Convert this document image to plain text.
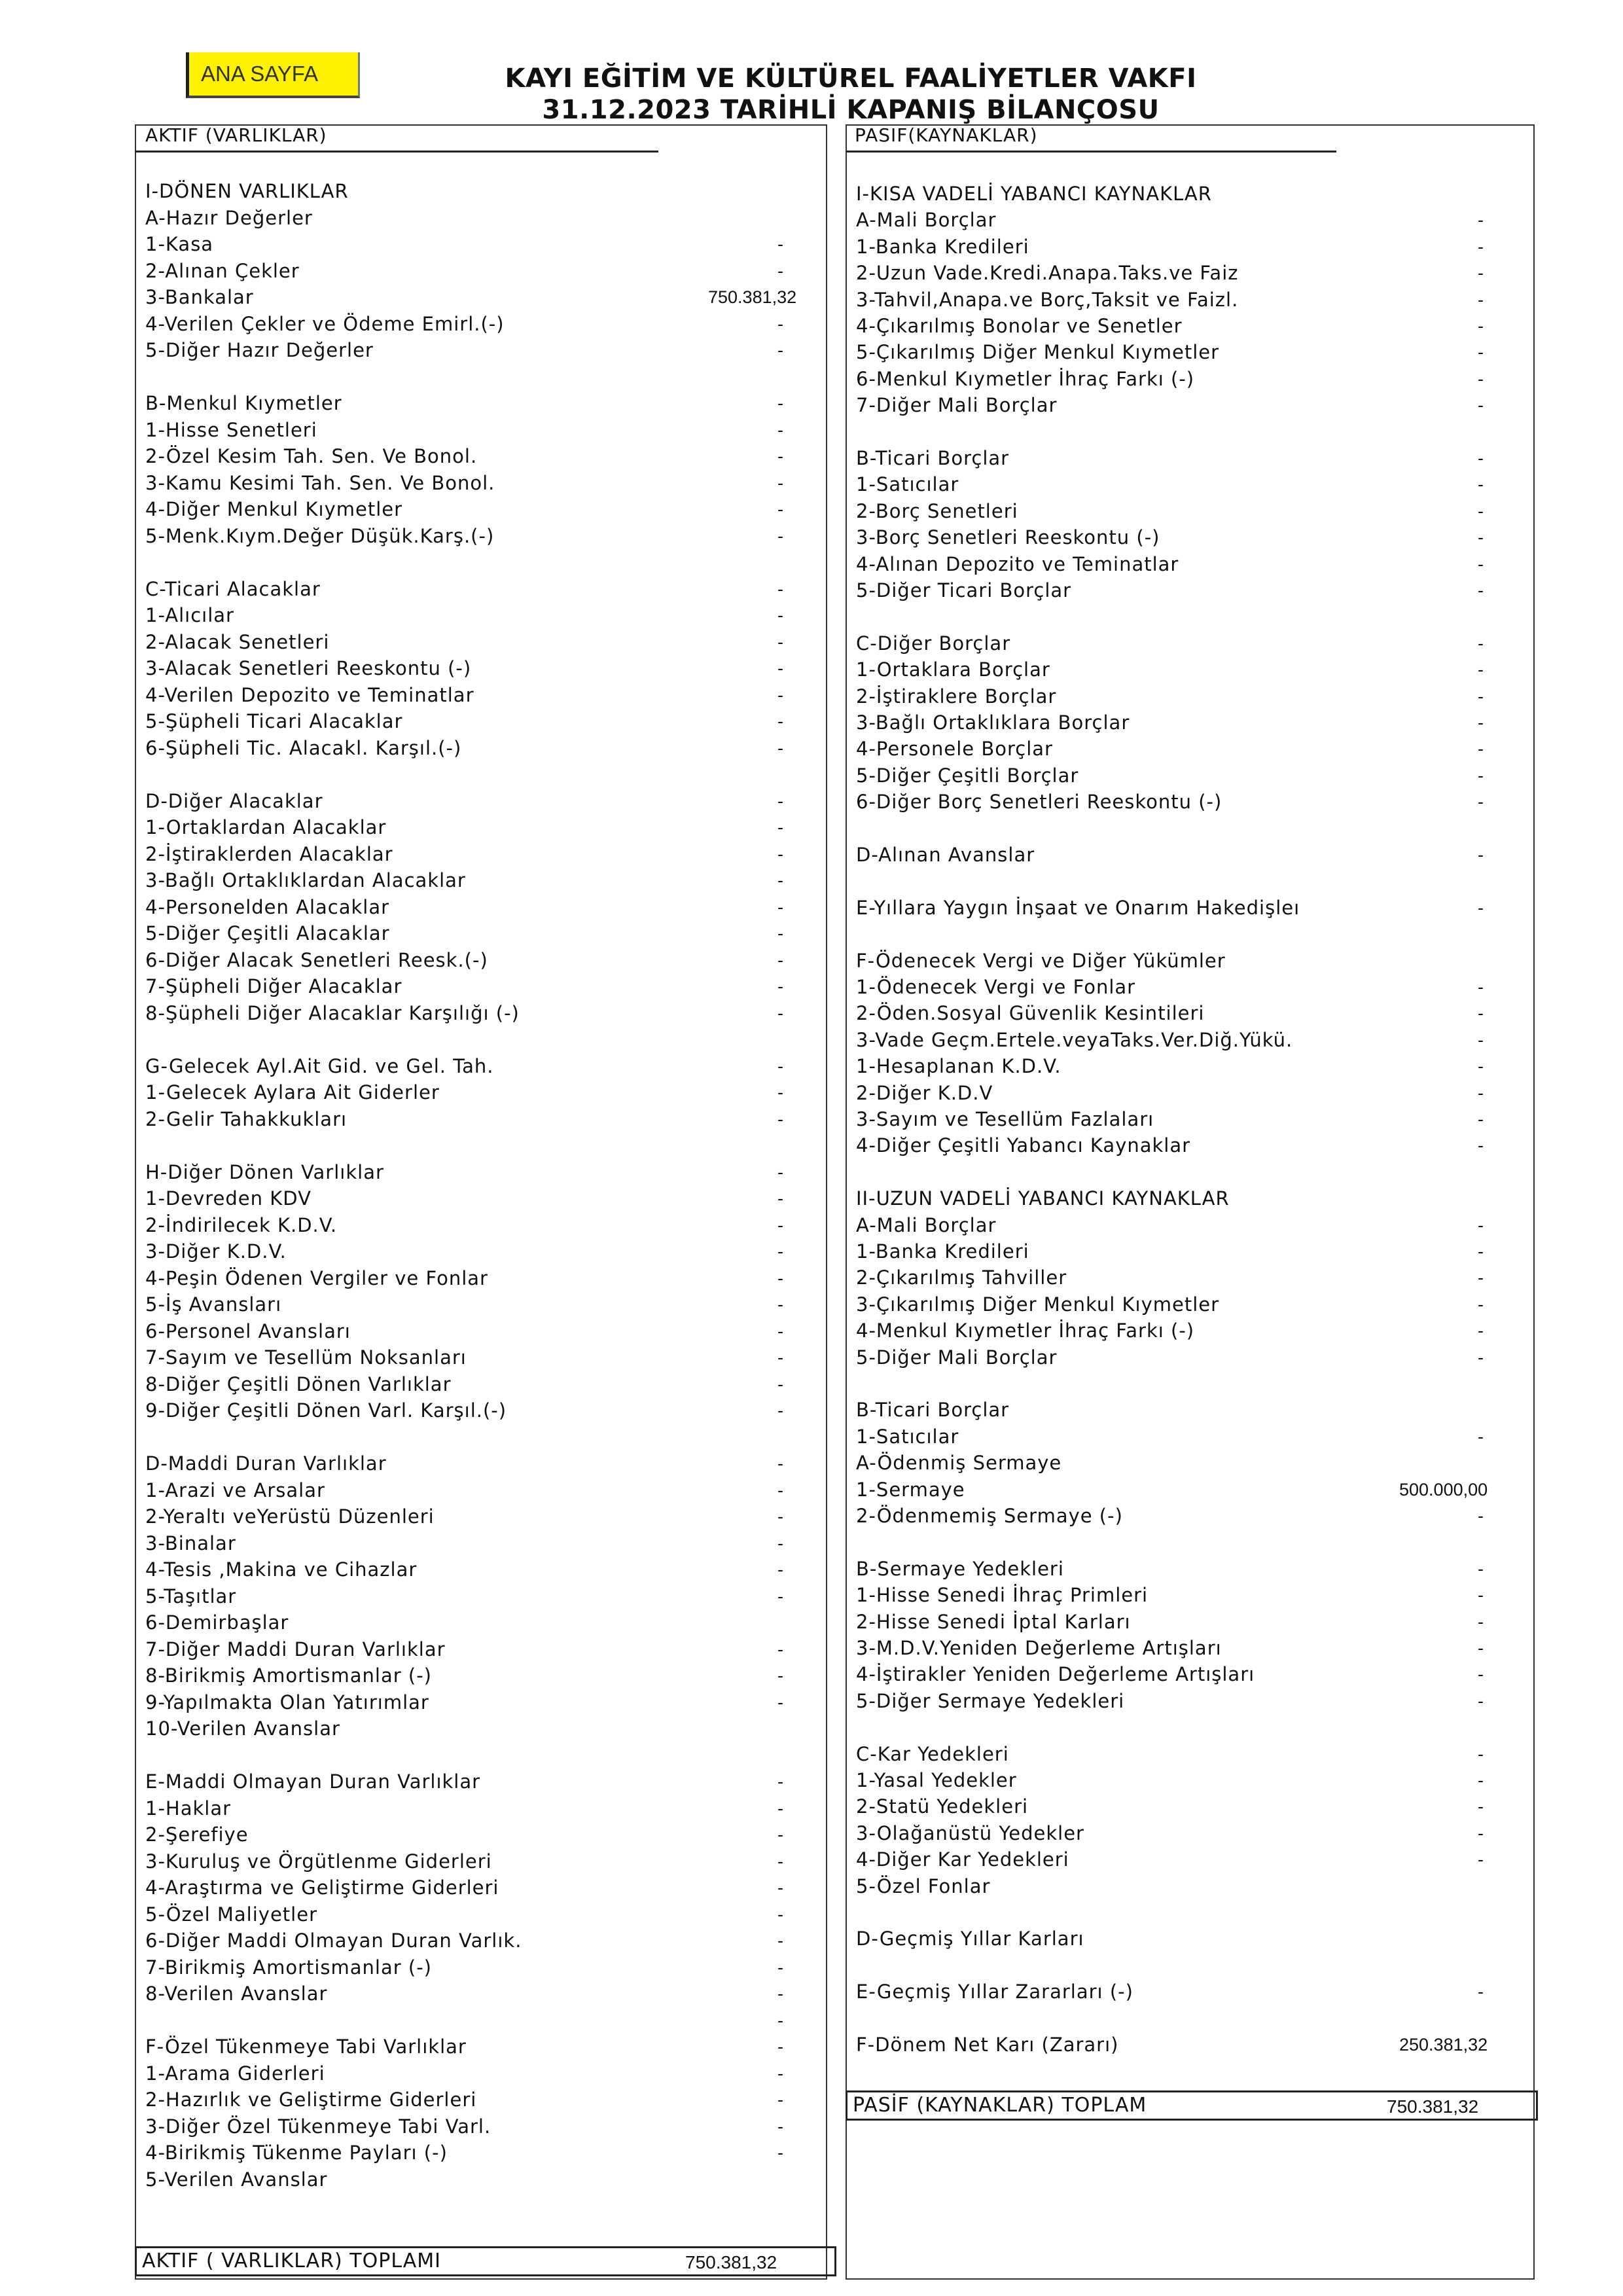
ANA SAYFA	KAYI EĞİTİM VE KÜLTÜREL FAALİYETLER VAKFI
31.12.2023 TARİHLİ KAPANIŞ BİLANÇOSU
AKTIF (VARLIKLAR)	PASIF(KAYNAKLAR)
I-DÖNEN VARLIKLAR
A-Hazır Değerler
1-Kasa	-
2-Alınan Çekler	-
3-Bankalar	750.381,32
4-Verilen Çekler ve Ödeme Emirl.(-)	-
5-Diğer Hazır Değerler	-
B-Menkul Kıymetler	-
1-Hisse Senetleri	-
2-Özel Kesim Tah. Sen. Ve Bonol.	-
3-Kamu Kesimi Tah. Sen. Ve Bonol.	-
4-Diğer Menkul Kıymetler	-
5-Menk.Kıym.Değer Düşük.Karş.(-)	-
C-Ticari Alacaklar	-
1-Alıcılar	-
2-Alacak Senetleri	-
3-Alacak Senetleri Reeskontu (-)	-
4-Verilen Depozito ve Teminatlar	-
5-Şüpheli Ticari Alacaklar	-
6-Şüpheli Tic. Alacakl. Karşıl.(-)	-
D-Diğer Alacaklar	-
1-Ortaklardan Alacaklar	-
2-İştiraklerden Alacaklar	-
3-Bağlı Ortaklıklardan Alacaklar	-
4-Personelden Alacaklar	-
5-Diğer Çeşitli Alacaklar	-
6-Diğer Alacak Senetleri Reesk.(-)	-
7-Şüpheli Diğer Alacaklar	-
8-Şüpheli Diğer Alacaklar Karşılığı (-)	-
G-Gelecek Ayl.Ait Gid. ve Gel. Tah.	-
1-Gelecek Aylara Ait Giderler	-
2-Gelir Tahakkukları	-
H-Diğer Dönen Varlıklar	-
1-Devreden KDV	-
2-İndirilecek K.D.V.	-
3-Diğer K.D.V.	-
4-Peşin Ödenen Vergiler ve Fonlar	-
5-İş Avansları	-
6-Personel Avansları	-
7-Sayım ve Tesellüm Noksanları	-
8-Diğer Çeşitli Dönen Varlıklar	-
9-Diğer Çeşitli Dönen Varl. Karşıl.(-)	-
D-Maddi Duran Varlıklar	-
1-Arazi ve Arsalar	-
2-Yeraltı veYerüstü Düzenleri	-
3-Binalar	-
4-Tesis ,Makina ve Cihazlar	-
5-Taşıtlar	-
6-Demirbaşlar
7-Diğer Maddi Duran Varlıklar	-
8-Birikmiş Amortismanlar (-)	-
9-Yapılmakta Olan Yatırımlar	-
10-Verilen Avanslar
E-Maddi Olmayan Duran Varlıklar	-
1-Haklar	-
2-Şerefiye	-
3-Kuruluş ve Örgütlenme Giderleri	-
4-Araştırma ve Geliştirme Giderleri	-
5-Özel Maliyetler	-
6-Diğer Maddi Olmayan Duran Varlık.	-
7-Birikmiş Amortismanlar (-)	-
8-Verilen Avanslar	-
-
F-Özel Tükenmeye Tabi Varlıklar	-
1-Arama Giderleri	-
2-Hazırlık ve Geliştirme Giderleri	-
3-Diğer Özel Tükenmeye Tabi Varl.	-
4-Birikmiş Tükenme Payları (-)	-
5-Verilen Avanslar
I-KISA VADELİ YABANCI KAYNAKLAR
A-Mali Borçlar	-
1-Banka Kredileri	-
2-Uzun Vade.Kredi.Anapa.Taks.ve Faiz	-
3-Tahvil,Anapa.ve Borç,Taksit ve Faizl.	-
4-Çıkarılmış Bonolar ve Senetler	-
5-Çıkarılmış Diğer Menkul Kıymetler	-
6-Menkul Kıymetler İhraç Farkı (-)	-
7-Diğer Mali Borçlar	-
B-Ticari Borçlar	-
1-Satıcılar	-
2-Borç Senetleri	-
3-Borç Senetleri Reeskontu (-)	-
4-Alınan Depozito ve Teminatlar	-
5-Diğer Ticari Borçlar	-
C-Diğer Borçlar	-
1-Ortaklara Borçlar	-
2-İştiraklere Borçlar	-
3-Bağlı Ortaklıklara Borçlar	-
4-Personele Borçlar	-
5-Diğer Çeşitli Borçlar	-
6-Diğer Borç Senetleri Reeskontu (-)	-
D-Alınan Avanslar	-
E-Yıllara Yaygın İnşaat ve Onarım Hakedişleı	-
F-Ödenecek Vergi ve Diğer Yükümler
1-Ödenecek Vergi ve Fonlar	-
2-Öden.Sosyal Güvenlik Kesintileri	-
3-Vade Geçm.Ertele.veyaTaks.Ver.Diğ.Yükü.	-
1-Hesaplanan K.D.V.	-
2-Diğer K.D.V	-
3-Sayım ve Tesellüm Fazlaları	-
4-Diğer Çeşitli Yabancı Kaynaklar	-
II-UZUN VADELİ YABANCI KAYNAKLAR
A-Mali Borçlar	-
1-Banka Kredileri	-
2-Çıkarılmış Tahviller	-
3-Çıkarılmış Diğer Menkul Kıymetler	-
4-Menkul Kıymetler İhraç Farkı (-)	-
5-Diğer Mali Borçlar	-
B-Ticari Borçlar
1-Satıcılar	-
A-Ödenmiş Sermaye
1-Sermaye	500.000,00
2-Ödenmemiş Sermaye (-)	-
B-Sermaye Yedekleri	-
1-Hisse Senedi İhraç Primleri	-
2-Hisse Senedi İptal Karları	-
3-M.D.V.Yeniden Değerleme Artışları	-
4-İştirakler Yeniden Değerleme Artışları	-
5-Diğer Sermaye Yedekleri	-
C-Kar Yedekleri	-
1-Yasal Yedekler	-
2-Statü Yedekleri	-
3-Olağanüstü Yedekler	-
4-Diğer Kar Yedekleri	-
5-Özel Fonlar
D-Geçmiş Yıllar Karları
E-Geçmiş Yıllar Zararları (-)	-
F-Dönem Net Karı (Zararı)	250.381,32
AKTIF ( VARLIKLAR) TOPLAMI	750.381,32
PASİF (KAYNAKLAR) TOPLAM	750.381,32
